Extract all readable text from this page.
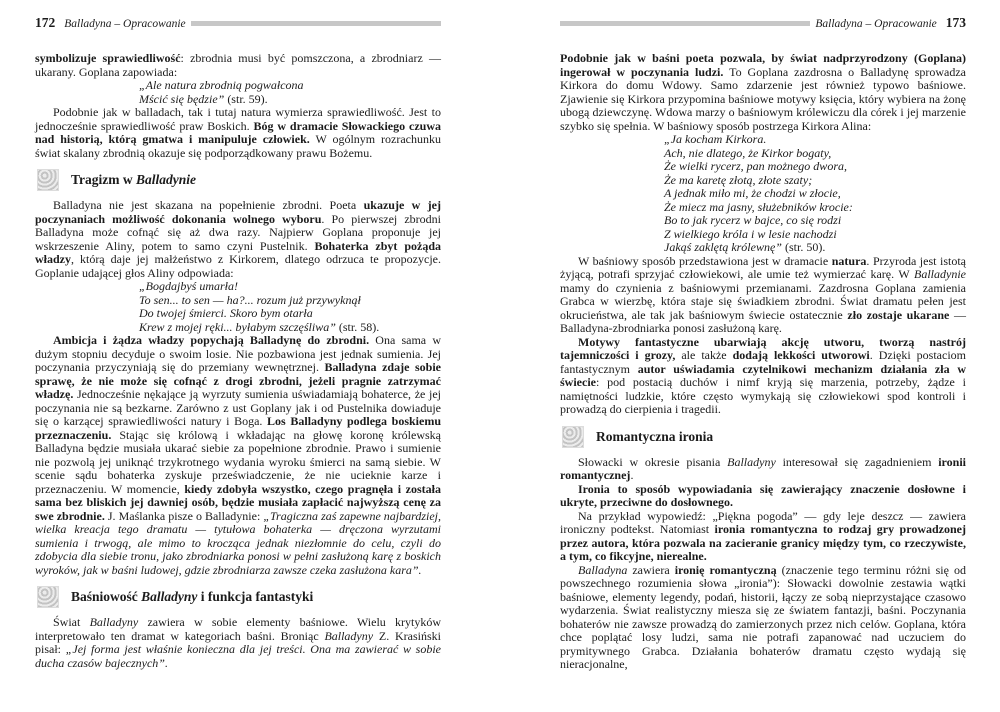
172 Balladyna – Opracowanie

symbolizuje sprawiedliwość: zbrodnia musi być pomszczona, a zbrodniarz — ukarany. Goplana zapowiada:

„Ale natura zbrodnią pogwałcona
Mścić się będzie” (str. 59).

Podobnie jak w balladach, tak i tutaj natura wymierza sprawiedliwość. Jest to jednocześnie sprawiedliwość praw Boskich. Bóg w dramacie Słowackiego czuwa nad historią, którą gmatwa i manipuluje człowiek. W ogólnym rozrachunku świat skalany zbrodnią okazuje się podporządkowany prawu Bożemu.

Tragizm w Balladynie

Balladyna nie jest skazana na popełnienie zbrodni. Poeta ukazuje w jej poczynaniach możliwość dokonania wolnego wyboru. Po pierwszej zbrodni Balladyna może cofnąć się aż dwa razy. Najpierw Goplana proponuje jej wskrzeszenie Aliny, potem to samo czyni Pustelnik. Bohaterka zbyt pożąda władzy, którą daje jej małżeństwo z Kirkorem, dlatego odrzuca te propozycje. Goplanie udającej głos Aliny odpowiada:

„Bogdajbyś umarła!
To sen... to sen — ha?... rozum już przywyknął
Do twojej śmierci. Skoro bym otarła
Krew z mojej ręki... byłabym szczęśliwa” (str. 58).

Ambicja i żądza władzy popychają Balladynę do zbrodni. Ona sama w dużym stopniu decyduje o swoim losie. Nie pozbawiona jest jednak sumienia. Jej poczynania przyczyniają się do przemiany wewnętrznej. Balladyna zdaje sobie sprawę, że nie może się cofnąć z drogi zbrodni, jeżeli pragnie zatrzymać władzę. Jednocześnie nękające ją wyrzuty sumienia uświadamiają bohaterce, że jej poczynania nie są bezkarne. Zarówno z ust Goplany jak i od Pustelnika dowiaduje się o karzącej sprawiedliwości natury i Boga. Los Balladyny podlega boskiemu przeznaczeniu. Stając się królową i wkładając na głowę koronę królewską Balladyna będzie musiała ukarać siebie za popełnione zbrodnie. Prawo i sumienie nie pozwolą jej uniknąć trzykrotnego wydania wyroku śmierci na samą siebie. W scenie sądu bohaterka zyskuje przeświadczenie, że nie ucieknie karze i przeznaczeniu. W momencie, kiedy zdobyła wszystko, czego pragnęła i została sama bez bliskich jej dawniej osób, będzie musiała zapłacić najwyższą cenę za swe zbrodnie. J. Maślanka pisze o Balladynie: „Tragiczna zaś zapewne najbardziej, wielka kreacja tego dramatu — tytułowa bohaterka — dręczona wyrzutami sumienia i trwogą, ale mimo to krocząca jednak niezłomnie do celu, czyli do zdobycia dla siebie tronu, jako zbrodniarka ponosi w pełni zasłużoną karę z boskich wyroków, jak w baśni ludowej, gdzie zbrodniarza zawsze czeka zasłużona kara”.

Baśniowość Balladyny i funkcja fantastyki

Świat Balladyny zawiera w sobie elementy baśniowe. Wielu krytyków interpretowało ten dramat w kategoriach baśni. Broniąc Balladyny Z. Krasiński pisał: „Jej forma jest właśnie konieczna dla jej treści. Ona ma zawierać w sobie ducha czasów bajecznych”.

Balladyna – Opracowanie 173

Podobnie jak w baśni poeta pozwala, by świat nadprzyrodzony (Goplana) ingerował w poczynania ludzi. To Goplana zazdrosna o Balladynę sprowadza Kirkora do domu Wdowy. Samo zdarzenie jest również typowo baśniowe. Zjawienie się Kirkora przypomina baśniowe motywy księcia, który wybiera na żonę ubogą dziewczynę. Wdowa marzy o baśniowym królewiczu dla córek i jej marzenie szybko się spełnia. W baśniowy sposób postrzega Kirkora Alina:

„Ja kocham Kirkora.
Ach, nie dlatego, że Kirkor bogaty,
Że wielki rycerz, pan możnego dwora,
Że ma karetę złotą, złote szaty;
A jednak miło mi, że chodzi w złocie,
Że miecz ma jasny, służebników krocie:
Bo to jak rycerz w bajce, co się rodzi
Z wielkiego króla i w lesie nachodzi
Jakąś zaklętą królewnę” (str. 50).

W baśniowy sposób przedstawiona jest w dramacie natura. Przyroda jest istotą żyjącą, potrafi sprzyjać człowiekowi, ale umie też wymierzać karę. W Balladynie mamy do czynienia z baśniowymi przemianami. Zazdrosna Goplana zamienia Grabca w wierzbę, która staje się świadkiem zbrodni. Świat dramatu pełen jest okrucieństwa, ale tak jak baśniowym świecie ostatecznie zło zostaje ukarane — Balladyna-zbrodniarka ponosi zasłużoną karę.

Motywy fantastyczne ubarwiają akcję utworu, tworzą nastrój tajemniczości i grozy, ale także dodają lekkości utworowi. Dzięki postaciom fantastycznym autor uświadamia czytelnikowi mechanizm działania zła w świecie: pod postacią duchów i nimf kryją się marzenia, potrzeby, żądze i namiętności ludzkie, które często wymykają się człowiekowi spod kontroli i prowadzą do cierpienia i tragedii.

Romantyczna ironia

Słowacki w okresie pisania Balladyny interesował się zagadnieniem ironii romantycznej.

Ironia to sposób wypowiadania się zawierający znaczenie dosłowne i ukryte, przeciwne do dosłownego.

Na przykład wypowiedź: „Piękna pogoda” — gdy leje deszcz — zawiera ironiczny podtekst. Natomiast ironia romantyczna to rodzaj gry prowadzonej przez autora, która pozwala na zacieranie granicy między tym, co rzeczywiste, a tym, co fikcyjne, nierealne.

Balladyna zawiera ironię romantyczną (znaczenie tego terminu różni się od powszechnego rozumienia słowa „ironia”): Słowacki dowolnie zestawia wątki baśniowe, elementy legendy, podań, historii, łączy ze sobą nieprzystające czasowo wydarzenia. Świat realistyczny miesza się ze światem fantazji, baśni. Poczynania bohaterów nie zawsze prowadzą do zamierzonych przez nich celów. Goplana, która chce poplątać losy ludzi, sama nie potrafi zapanować nad uczuciem do prymitywnego Grabca. Działania bohaterów dramatu często wydają się nieracjonalne,
